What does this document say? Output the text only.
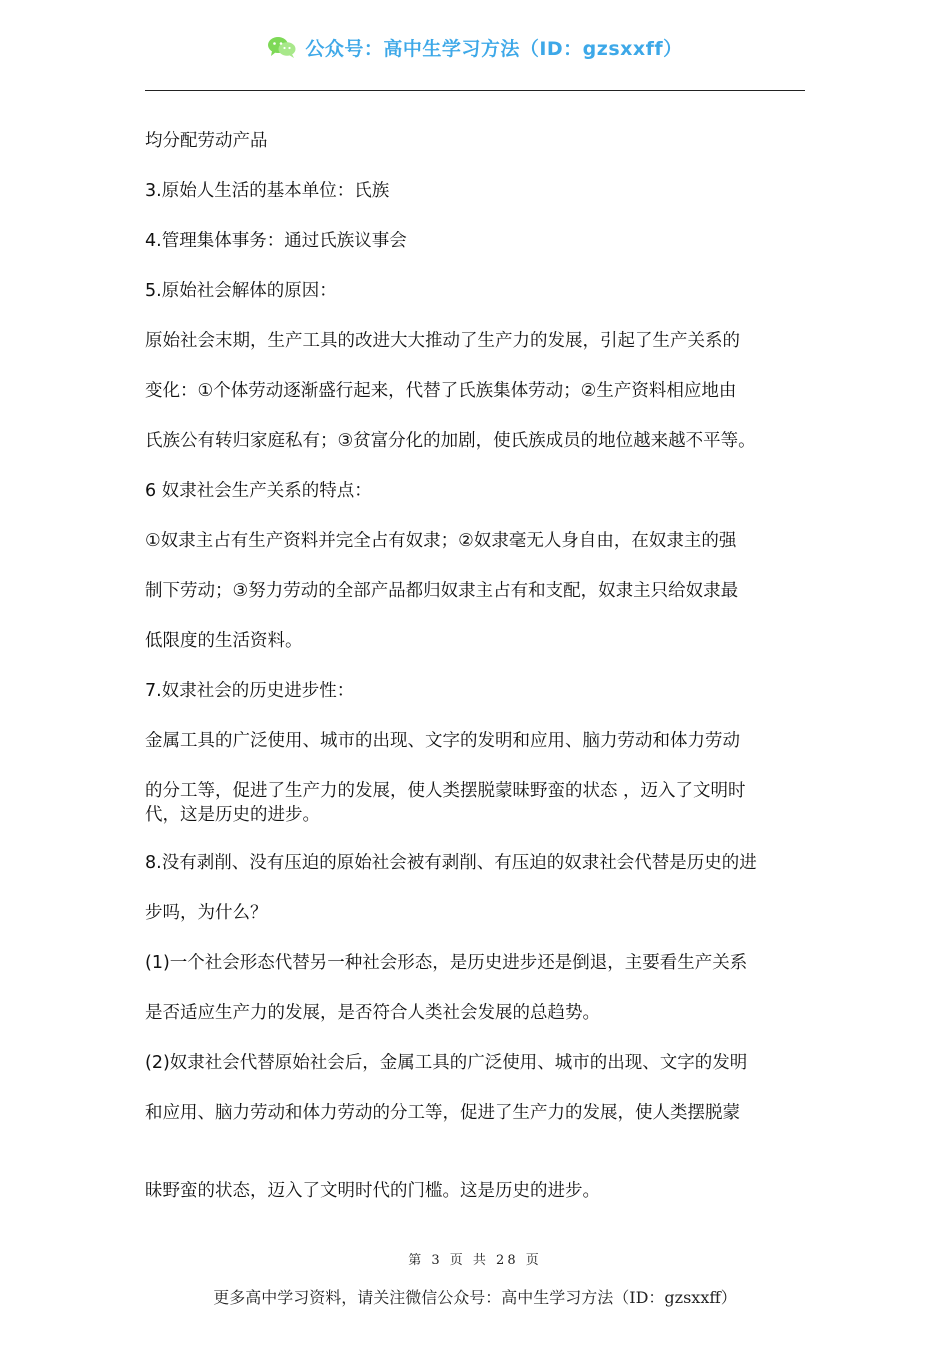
公众号：高中生学习方法（ID：gzsxxff）
均分配劳动产品
3.原始人生活的基本单位：氏族
4.管理集体事务：通过氏族议事会
5.原始社会解体的原因：
原始社会末期，生产工具的改进大大推动了生产力的发展，引起了生产关系的
变化：①个体劳动逐渐盛行起来，代替了氏族集体劳动；②生产资料相应地由
氏族公有转归家庭私有；③贫富分化的加剧，使氏族成员的地位越来越不平等。
6 奴隶社会生产关系的特点：
①奴隶主占有生产资料并完全占有奴隶；②奴隶毫无人身自由，在奴隶主的强
制下劳动；③努力劳动的全部产品都归奴隶主占有和支配，奴隶主只给奴隶最
低限度的生活资料。
7.奴隶社会的历史进步性：
金属工具的广泛使用、城市的出现、文字的发明和应用、脑力劳动和体力劳动
的分工等，促进了生产力的发展，使人类摆脱蒙昧野蛮的状态 ，迈入了文明时
代，这是历史的进步。
8.没有剥削、没有压迫的原始社会被有剥削、有压迫的奴隶社会代替是历史的进
步吗，为什么？
(1)一个社会形态代替另一种社会形态，是历史进步还是倒退，主要看生产关系
是否适应生产力的发展，是否符合人类社会发展的总趋势。
(2)奴隶社会代替原始社会后，金属工具的广泛使用、城市的出现、文字的发明
和应用、脑力劳动和体力劳动的分工等，促进了生产力的发展，使人类摆脱蒙
昧野蛮的状态，迈入了文明时代的门槛。这是历史的进步。
第 3 页 共 28 页
更多高中学习资料，请关注微信公众号：高中生学习方法（ID：gzsxxff）
